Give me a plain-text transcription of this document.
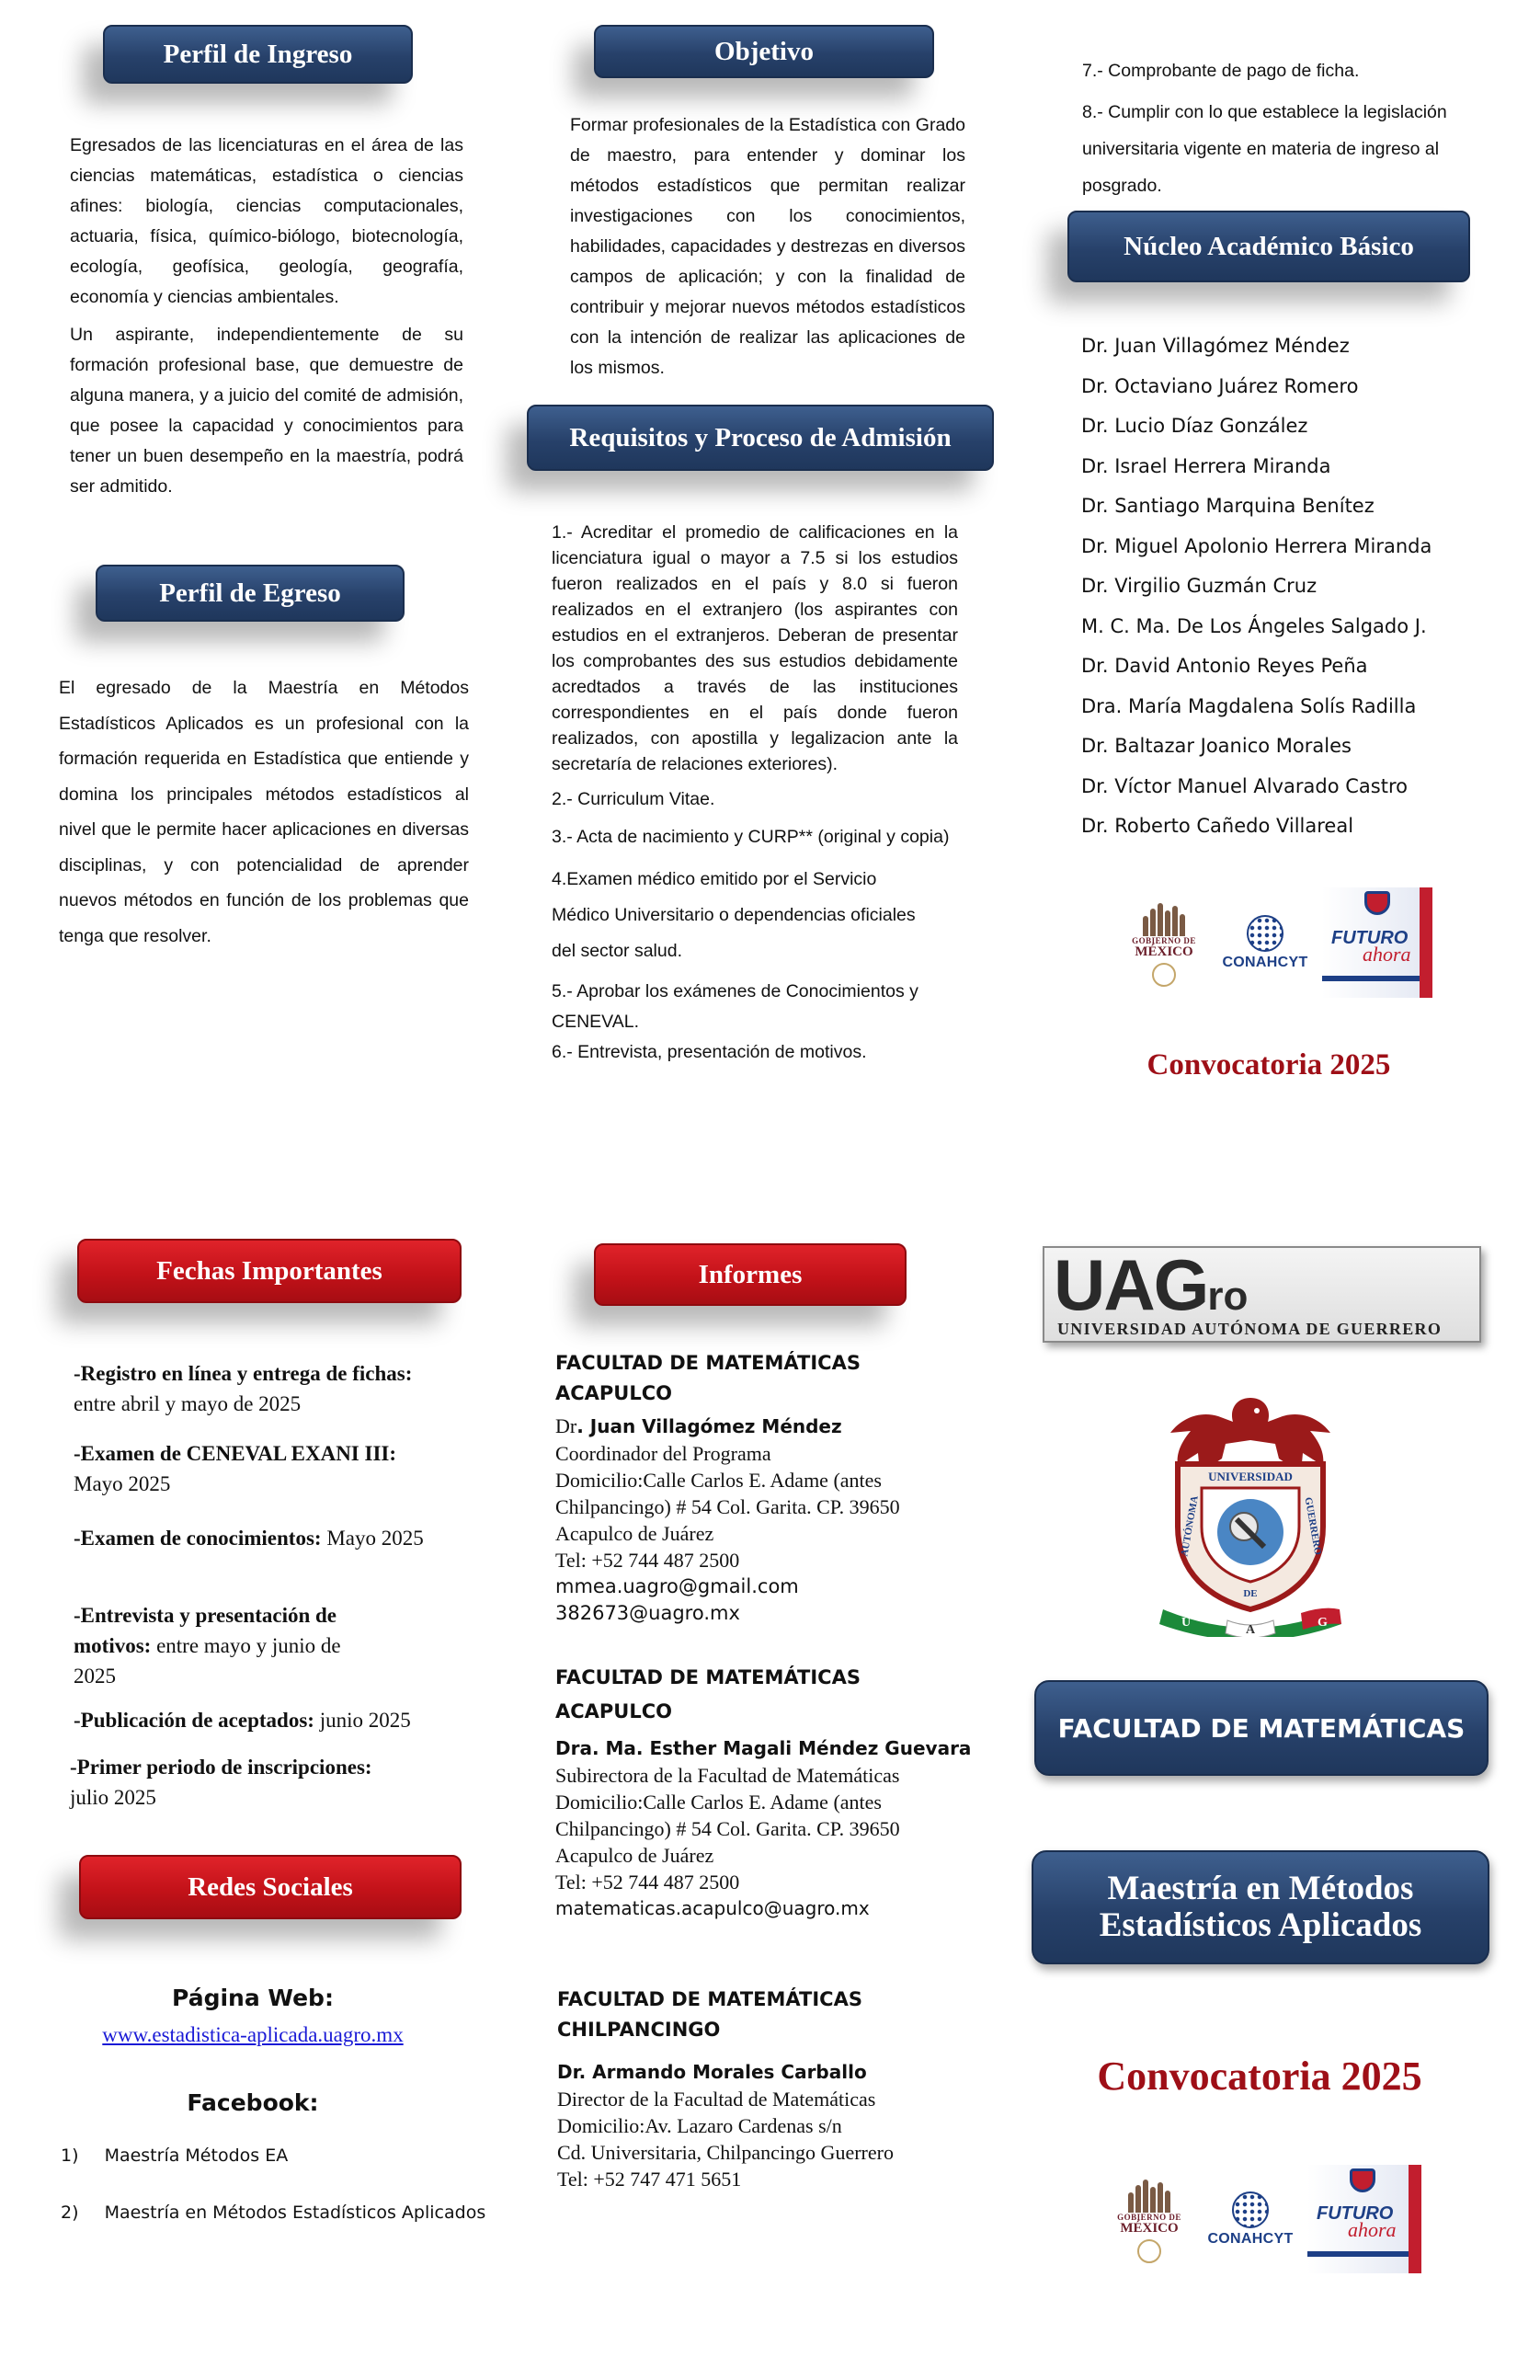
Perfil de Ingreso

Egresados de las licenciaturas en el área de las ciencias matemáticas, estadística o ciencias afines: biología, ciencias computacionales, actuaria, física, químico-biólogo, biotecnología, ecología, geofísica, geología, geografía, economía y ciencias ambientales.

Un aspirante, independientemente de su formación profesional base, que demuestre de alguna manera, y a juicio del comité de admisión, que posee la capacidad y conocimientos para tener un buen desempeño en la maestría, podrá ser admitido.

Perfil de Egreso

El egresado de la Maestría en Métodos Estadísticos Aplicados es un profesional con la formación requerida en Estadística que entiende y domina los principales métodos estadísticos al nivel que le permite hacer aplicaciones en diversas disciplinas, y con potencialidad de aprender nuevos métodos en función de los problemas que tenga que resolver.

Objetivo

Formar profesionales de la Estadística con Grado de maestro, para entender y dominar los métodos estadísticos que permitan realizar investigaciones con los conocimientos, habilidades, capacidades y destrezas en diversos campos de aplicación; y con la finalidad de contribuir y mejorar nuevos métodos estadísticos con la intención de realizar las aplicaciones de los mismos.

Requisitos y Proceso de Admisión

1.- Acreditar el promedio de calificaciones en la licenciatura igual o mayor a 7.5 si los estudios fueron realizados en el país y 8.0 si fueron realizados en el extranjero (los aspirantes con estudios en el extranjeros. Deberan de presentar los comprobantes des sus estudios debidamente acredtados a través de las instituciones correspondientes en el país donde fueron realizados, con apostilla y legalizacion ante la secretaría de relaciones exteriores).

2.- Curriculum Vitae.

3.- Acta de nacimiento y CURP** (original y copia)

4.Examen médico emitido por el Servicio Médico Universitario o dependencias oficiales del sector salud.

5.- Aprobar los exámenes de Conocimientos y CENEVAL.

6.- Entrevista, presentación de motivos.

7.- Comprobante de pago de ficha.

8.- Cumplir con lo que establece la legislación universitaria vigente en materia de ingreso al posgrado.

Núcleo Académico Básico
Dr. Juan Villagómez Méndez
Dr. Octaviano Juárez Romero
Dr. Lucio Díaz González
Dr. Israel Herrera Miranda
Dr. Santiago Marquina Benítez
Dr. Miguel Apolonio Herrera Miranda
Dr. Virgilio Guzmán Cruz
M. C. Ma. De Los Ángeles Salgado J.
Dr. David Antonio Reyes Peña
Dra. María Magdalena Solís Radilla
Dr. Baltazar Joanico Morales
Dr. Víctor Manuel Alvarado Castro
Dr. Roberto Cañedo Villareal
GOBIERNO DE
MÉXICO
CONAHCYT
FUTURO
ahora
Convocatoria 2025
Fechas Importantes
-Registro en línea y entrega de fichas: entre abril y mayo de 2025
-Examen de CENEVAL EXANI III:
Mayo 2025
-Examen de conocimientos: Mayo 2025
-Entrevista y presentación de motivos: entre mayo y junio de 2025
-Publicación de aceptados: junio 2025
-Primer periodo de inscripciones:
julio 2025
Redes Sociales
Página Web:
www.estadistica-aplicada.uagro.mx
Facebook:
1) Maestría Métodos EA
2) Maestría en Métodos Estadísticos Aplicados
Informes
FACULTAD DE MATEMÁTICAS ACAPULCO
Dr. Juan Villagómez Méndez
Coordinador del Programa
Domicilio:Calle Carlos E. Adame (antes Chilpancingo) # 54 Col. Garita. CP. 39650
Acapulco de Juárez
Tel: +52 744 487 2500
mmea.uagro@gmail.com
382673@uagro.mx
FACULTAD DE MATEMÁTICAS
ACAPULCO
Dra. Ma. Esther Magali Méndez Guevara
Subirectora de la Facultad de Matemáticas
Domicilio:Calle Carlos E. Adame (antes Chilpancingo) # 54 Col. Garita. CP. 39650
Acapulco de Juárez
Tel: +52 744 487 2500
matematicas.acapulco@uagro.mx
FACULTAD DE MATEMÁTICAS CHILPANCINGO
Dr. Armando Morales Carballo
Director de la Facultad de Matemáticas
Domicilio:Av. Lazaro Cardenas s/n
Cd. Universitaria, Chilpancingo Guerrero
Tel: +52 747 471 5651
UAGro
UNIVERSIDAD AUTÓNOMA DE GUERRERO
UNIVERSIDAD
AUTÓNOMA	GUERRERO
DE
U
A
G
FACULTAD DE MATEMÁTICAS
Maestría en Métodos
Estadísticos Aplicados
Convocatoria 2025
GOBIERNO DE
MÉXICO
CONAHCYT
FUTURO
ahora
